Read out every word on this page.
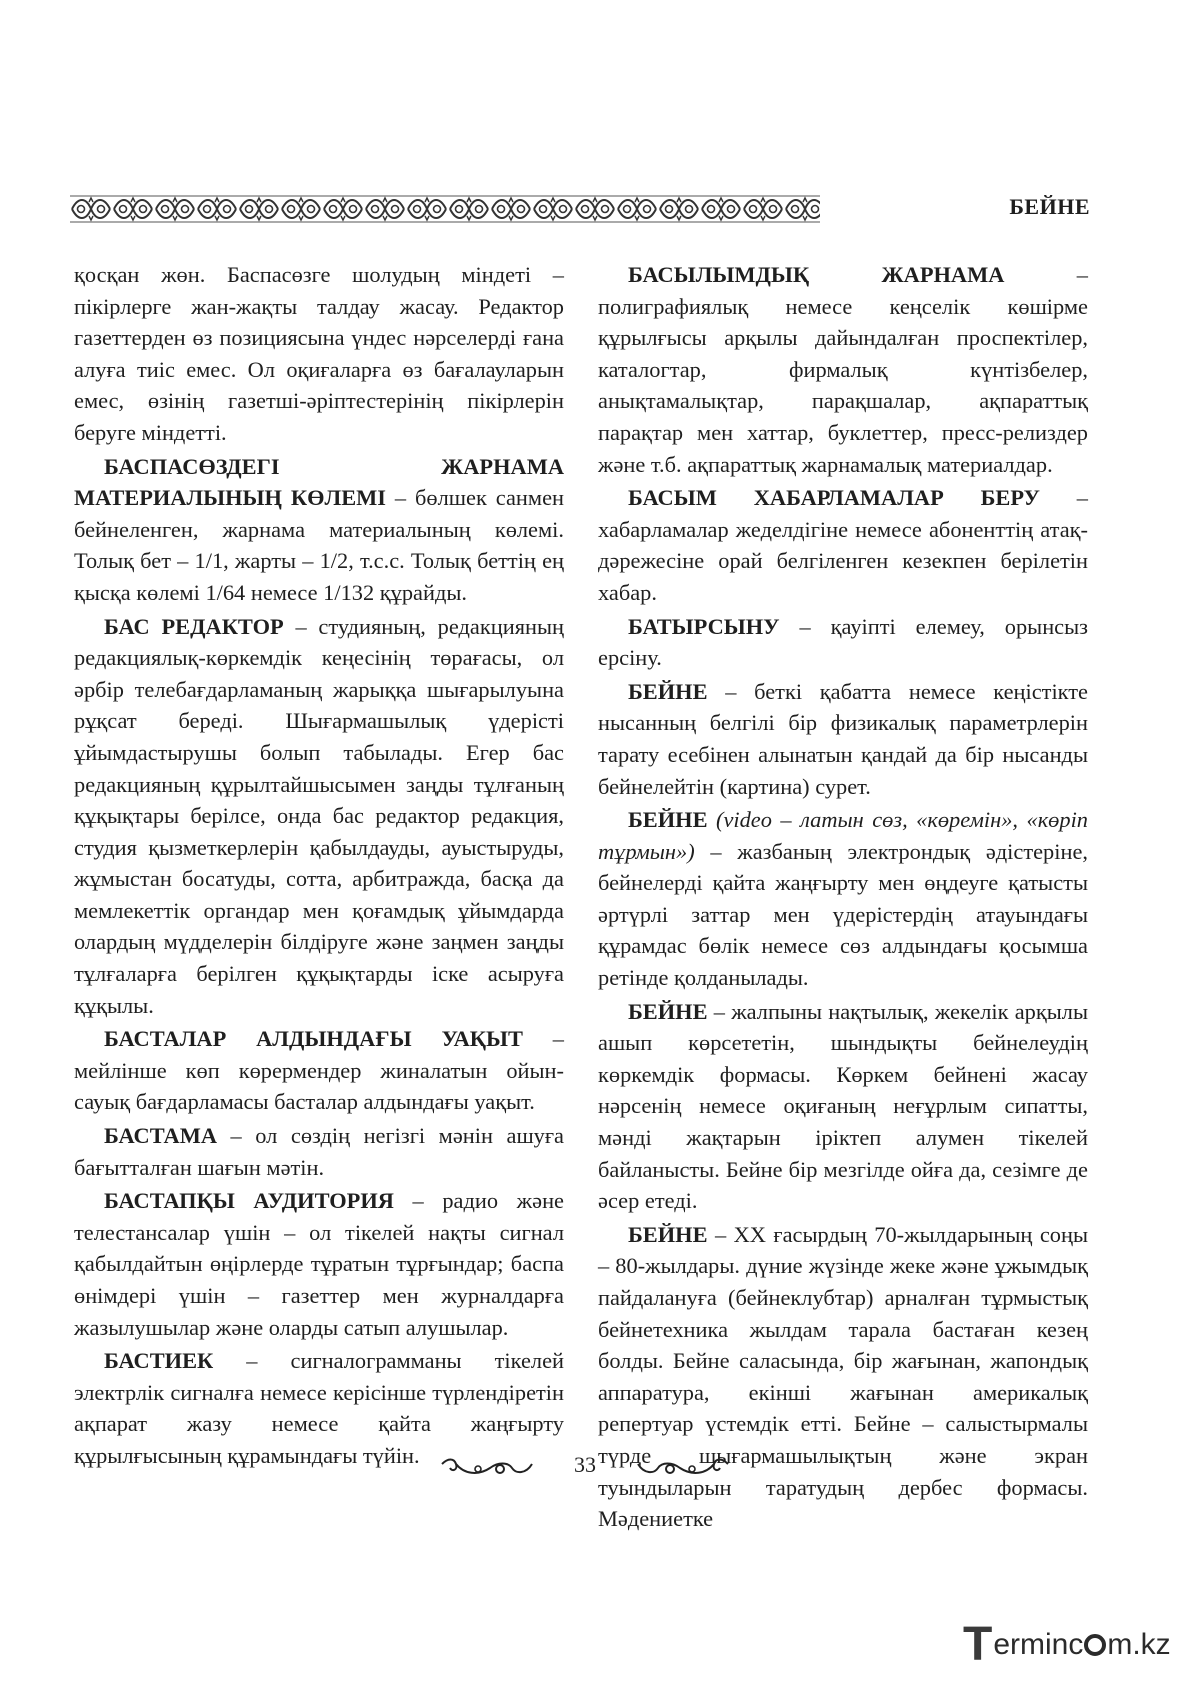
БЕЙНЕ

қосқан жөн. Баспасөзге шолудың міндеті – пікірлерге жан-жақты талдау жасау. Редактор газеттерден өз позициясына үндес нәрселерді ғана алуға тиіс емес. Ол оқиғаларға өз бағалауларын емес, өзінің газетші-әріптестерінің пікірлерін беруге міндетті.

БАСПАСӨЗДЕГІ ЖАРНАМА МАТЕРИАЛЫНЫҢ КӨЛЕМІ – бөлшек санмен бейнеленген, жарнама материалының көлемі. Толық бет – 1/1, жарты – 1/2, т.с.с. Толық беттің ең қысқа көлемі 1/64 немесе 1/132 құрайды.

БАС РЕДАКТОР – студияның, редакцияның редакциялық-көркемдік кеңесінің төрағасы, ол әрбір телебағдарламаның жарыққа шығарылуына рұқсат береді. Шығармашылық үдерісті ұйымдастырушы болып табылады. Егер бас редакцияның құрылтайшысымен заңды тұлғаның құқықтары берілсе, онда бас редактор редакция, студия қызметкерлерін қабылдауды, ауыстыруды, жұмыстан босатуды, сотта, арбитражда, басқа да мемлекеттік органдар мен қоғамдық ұйымдарда олардың мүдделерін білдіруге және заңмен заңды тұлғаларға берілген құқықтарды іске асыруға құқылы.

БАСТАЛАР АЛДЫНДАҒЫ УАҚЫТ – мейлінше көп көрермендер жиналатын ойын-сауық бағдарламасы басталар алдындағы уақыт.

БАСТАМА – ол сөздің негізгі мәнін ашуға бағытталған шағын мәтін.

БАСТАПҚЫ АУДИТОРИЯ – радио және телестансалар үшін – ол тікелей нақты сигнал қабылдайтын өңірлерде тұратын тұрғындар; баспа өнімдері үшін – газеттер мен журналдарға жазылушылар және оларды сатып алушылар.

БАСТИЕК – сигналограмманы тікелей электрлік сигналға немесе керісінше түрлендіретін ақпарат жазу немесе қайта жаңғырту құрылғысының құрамындағы түйін.

БАСЫЛЫМДЫҚ ЖАРНАМА – полиграфиялық немесе кеңселік көшірме құрылғысы арқылы дайындалған проспектілер, каталогтар, фирмалық күнтізбелер, анықтамалықтар, парақшалар, ақпараттық парақтар мен хаттар, буклеттер, пресс-релиздер және т.б. ақпараттық жарнамалық материалдар.

БАСЫМ ХАБАРЛАМАЛАР БЕРУ – хабарламалар жеделдігіне немесе абоненттің атақ-дәрежесіне орай белгіленген кезекпен берілетін хабар.

БАТЫРСЫНУ – қауіпті елемеу, орынсыз ерсіну.

БЕЙНЕ – беткі қабатта немесе кеңістікте нысанның белгілі бір физикалық параметрлерін тарату есебінен алынатын қандай да бір нысанды бейнелейтін (картина) сурет.

БЕЙНЕ (video – латын сөз, «көремін», «көріп тұрмын») – жазбаның электрондық әдістеріне, бейнелерді қайта жаңғырту мен өңдеуге қатысты әртүрлі заттар мен үдерістердің атауындағы құрамдас бөлік немесе сөз алдындағы қосымша ретінде қолданылады.

БЕЙНЕ – жалпыны нақтылық, жекелік арқылы ашып көрсететін, шындықты бейнелеудің көркемдік формасы. Көркем бейнені жасау нәрсенің немесе оқиғаның неғұрлым сипатты, мәнді жақтарын іріктеп алумен тікелей байланысты. Бейне бір мезгілде ойға да, сезімге де әсер етеді.

БЕЙНЕ – ХХ ғасырдың 70-жылдарының соңы – 80-жылдары. дүние жүзінде жеке және ұжымдық пайдалануға (бейнеклубтар) арналған тұрмыстық бейнетехника жылдам тарала бастаған кезең болды. Бейне саласында, бір жағынан, жапондық аппаратура, екінші жағынан америкалық репертуар үстемдік етті. Бейне – салыстырмалы түрде шығармашылықтың және экран туындыларын таратудың дербес формасы. Мәдениетке

33
T erminc m.kz
